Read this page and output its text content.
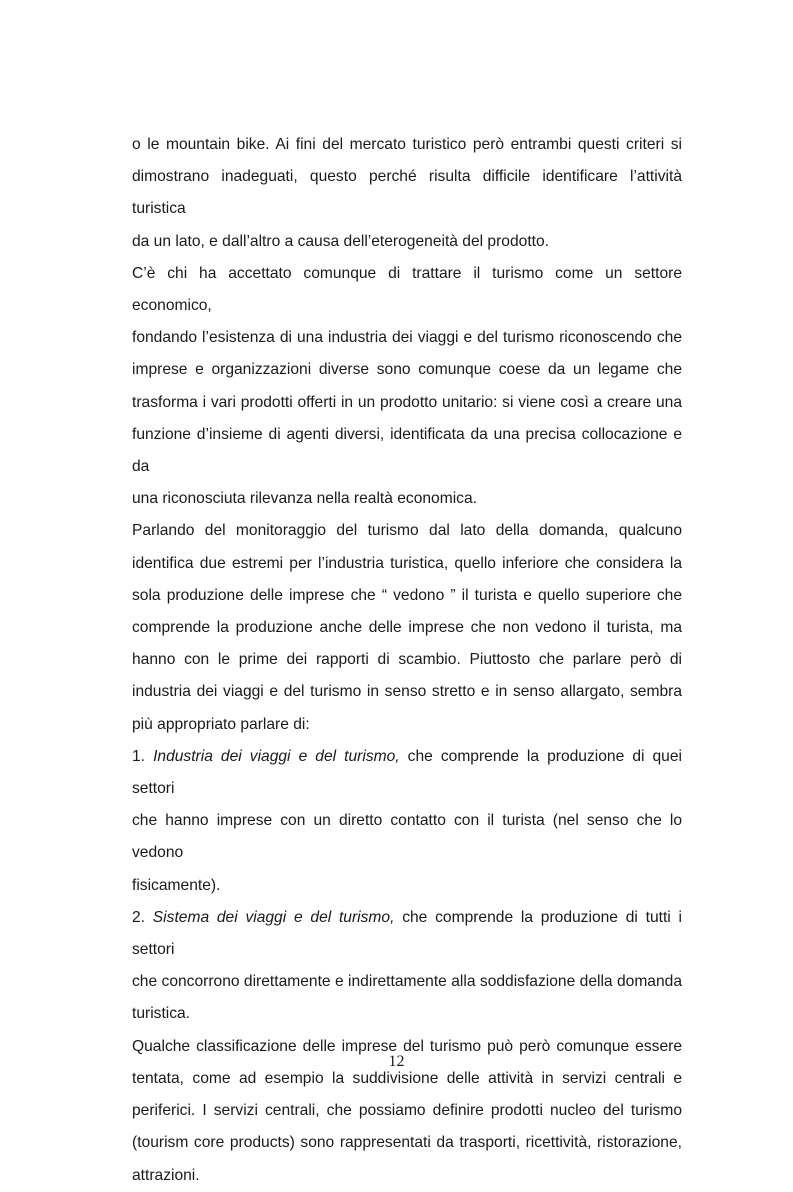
o le mountain bike. Ai fini del mercato turistico però entrambi questi criteri si

dimostrano inadeguati, questo perché risulta difficile identificare l’attività turistica

da un lato, e dall’altro a causa dell’eterogeneità del prodotto.

C’è chi ha accettato comunque di trattare il turismo come un settore economico,

fondando l’esistenza di una industria dei viaggi e del turismo riconoscendo che

imprese e organizzazioni diverse sono comunque coese da un legame che

trasforma i vari prodotti offerti in un prodotto unitario: si viene così a creare una

funzione d’insieme di agenti diversi, identificata da una precisa collocazione e da

una riconosciuta rilevanza nella realtà economica.

Parlando del monitoraggio del turismo dal lato della domanda, qualcuno

identifica due estremi per l’industria turistica, quello inferiore che considera la

sola produzione delle imprese che “ vedono ” il turista e quello superiore che

comprende la produzione anche delle imprese che non vedono il turista, ma

hanno con le prime dei rapporti di scambio. Piuttosto che parlare però di

industria dei viaggi e del turismo in senso stretto e in senso allargato, sembra

più appropriato parlare di:

1. Industria dei viaggi e del turismo, che comprende la produzione di quei settori

che hanno imprese con un diretto contatto con il turista (nel senso che lo vedono

fisicamente).

2. Sistema dei viaggi e del turismo, che comprende la produzione di tutti i settori

che concorrono direttamente e indirettamente alla soddisfazione della domanda

turistica.

Qualche classificazione delle imprese del turismo può però comunque essere

tentata, come ad esempio la suddivisione delle attività in servizi centrali e

periferici. I servizi centrali, che possiamo definire prodotti nucleo del turismo

(tourism core products) sono rappresentati da trasporti, ricettività, ristorazione,

attrazioni.

12
